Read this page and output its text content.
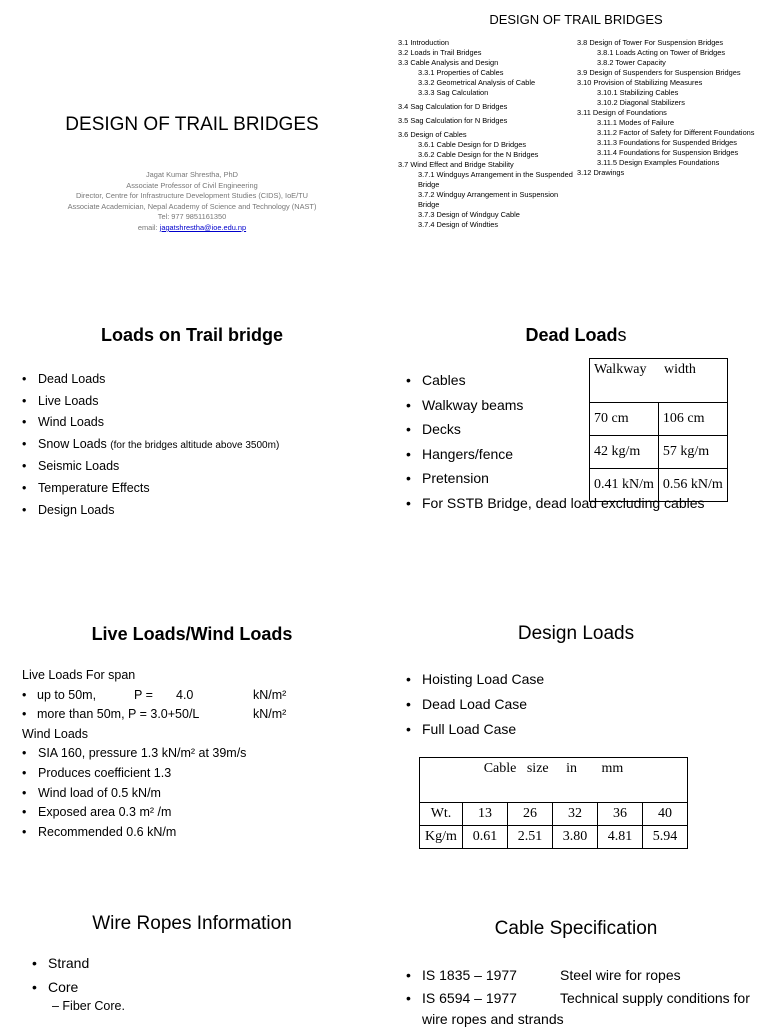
DESIGN OF TRAIL BRIDGES
Jagat Kumar Shrestha, PhD
Associate Professor of Civil Engineering
Director, Centre for Infrastructure Development Studies (CIDS), IoE/TU
Associate Academician, Nepal Academy of Science and Technology (NAST)
Tel: 977 9851161350
email: jagatshrestha@ioe.edu.np
DESIGN OF TRAIL BRIDGES
3.1 Introduction
3.2 Loads in Trail Bridges
3.3 Cable Analysis and Design
3.3.1 Properties of Cables
3.3.2 Geometrical Analysis of Cable
3.3.3 Sag Calculation
3.4 Sag Calculation for D Bridges
3.5 Sag Calculation for N Bridges
3.6 Design of Cables
3.6.1 Cable Design for D Bridges
3.6.2 Cable Design for the N Bridges
3.7 Wind Effect and Bridge Stability
3.7.1 Windguys Arrangement in the Suspended Bridge
3.7.2 Windguy Arrangement in Suspension Bridge
3.7.3 Design of Windguy Cable
3.7.4 Design of Windties
3.8 Design of Tower For Suspension Bridges
3.8.1 Loads Acting on Tower of Bridges
3.8.2 Tower Capacity
3.9 Design of Suspenders for Suspension Bridges
3.10 Provision of Stabilizing Measures
3.10.1 Stabilizing Cables
3.10.2 Diagonal Stabilizers
3.11 Design of Foundations
3.11.1 Modes of Failure
3.11.2 Factor of Safety for Different Foundations
3.11.3 Foundations for Suspended Bridges
3.11.4 Foundations for Suspension Bridges
3.11.5 Design Examples Foundations
3.12 Drawings
Loads on Trail bridge
• Dead Loads
• Live Loads
• Wind Loads
• Snow Loads (for the bridges altitude above 3500m)
• Seismic Loads
• Temperature Effects
• Design Loads
Dead Loads
• Cables
• Walkway beams
• Decks
• Hangers/fence
• Pretension
• For SSTB Bridge, dead load excluding cables
Walkway     width	
70 cm	106 cm
42 kg/m	57 kg/m
0.41 kN/m	0.56 kN/m
Live Loads/Wind Loads
Live Loads For span
• up to 50m,	P = 4.0	kN/m²
• more than 50m, P = 3.0+50/L	kN/m²
Wind Loads
• SIA 160, pressure 1.3 kN/m² at 39m/s
• Produces coefficient 1.3
• Wind load of 0.5 kN/m
• Exposed area 0.3 m² /m
• Recommended 0.6 kN/m
Design Loads
• Hoisting Load Case
• Dead Load Case
• Full Load Case
Cable   size     in       mm					
Wt.	13	26	32	36	40
Kg/m	0.61	2.51	3.80	4.81	5.94
Wire Ropes Information
• Strand
• Core
– Fiber Core.
Cable Specification
• IS 1835 – 1977	Steel wire for ropes
• IS 6594 – 1977	Technical supply conditions for wire ropes and strands
